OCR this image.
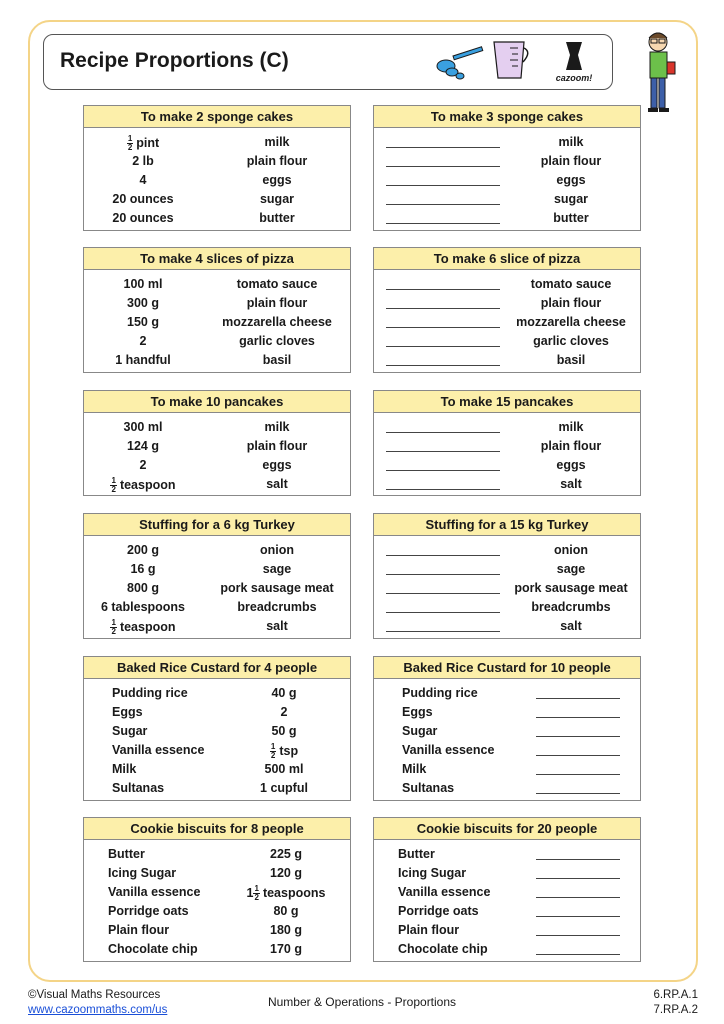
Recipe Proportions (C)
cazoom!
To make 2 sponge cakes
$\frac{1}{2}$ pint	milk
2 lb	plain flour
4	eggs
20 ounces	sugar
20 ounces	butter
To make 3 sponge cakes
milk
plain flour
eggs
sugar
butter
To make 4 slices of pizza
100 ml	tomato sauce
300 g	plain flour
150 g	mozzarella cheese
2	garlic cloves
1 handful	basil
To make 6 slice of pizza
tomato sauce
plain flour
mozzarella cheese
garlic cloves
basil
To make 10 pancakes
300 ml	milk
124 g	plain flour
2	eggs
$\frac{1}{2}$ teaspoon	salt
To make 15 pancakes
milk
plain flour
eggs
salt
Stuffing for a 6 kg Turkey
200 g	onion
16 g	sage
800 g	pork sausage meat
6 tablespoons	breadcrumbs
$\frac{1}{2}$ teaspoon	salt
Stuffing for a 15 kg Turkey
onion
sage
pork sausage meat
breadcrumbs
salt
Baked Rice Custard for 4 people
Pudding rice	40 g
Eggs	2
Sugar	50 g
Vanilla essence	$\frac{1}{2}$ tsp
Milk	500 ml
Sultanas	1 cupful
Baked Rice Custard for 10 people
Pudding rice
Eggs
Sugar
Vanilla essence
Milk
Sultanas
Cookie biscuits for 8 people
Butter	225 g
Icing Sugar	120 g
Vanilla essence	$1 \frac{1}{2}$ teaspoons
Porridge oats	80 g
Plain flour	180 g
Chocolate chip	170 g
Cookie biscuits for 20 people
Butter
Icing Sugar
Vanilla essence
Porridge oats
Plain flour
Chocolate chip
©Visual Maths Resources
www.cazoommaths.com/us
Number & Operations - Proportions	6.RP.A.1
7.RP.A.2
